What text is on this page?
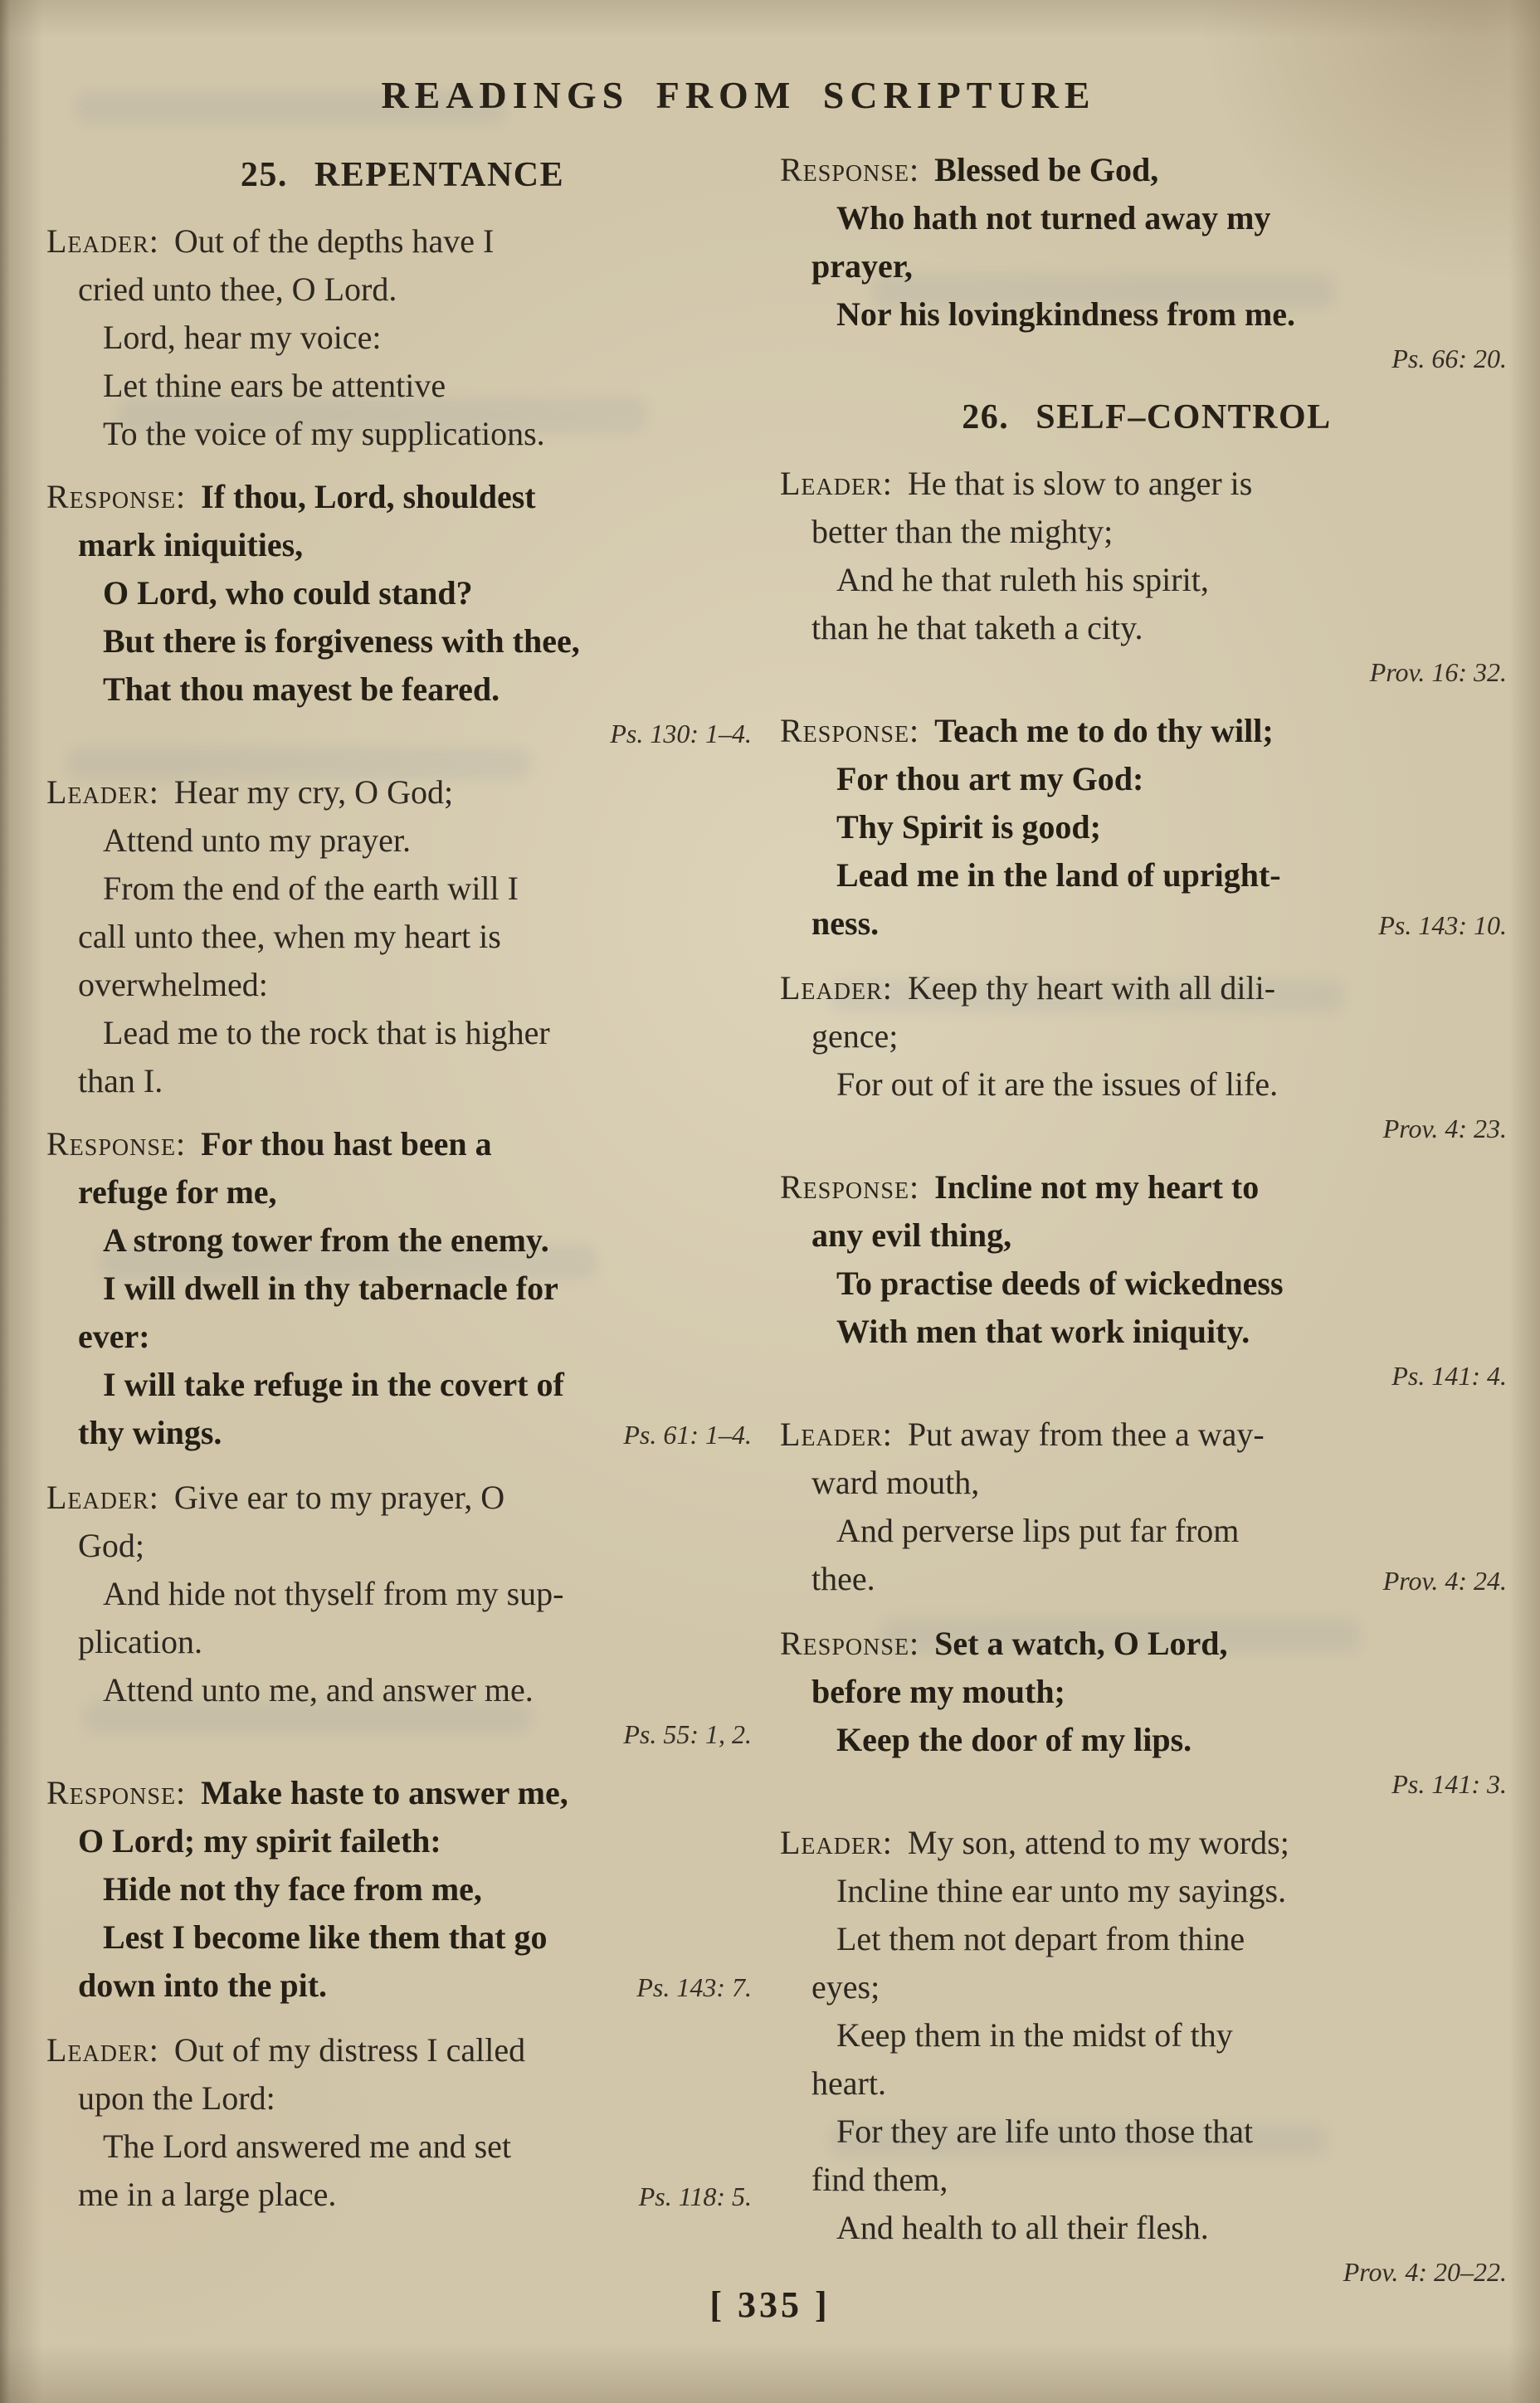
READINGS FROM SCRIPTURE
25. REPENTANCE
Leader: Out of the depths have I
cried unto thee, O Lord.
Lord, hear my voice:
Let thine ears be attentive
To the voice of my supplications.
Response: If thou, Lord, shouldest
mark iniquities,
O Lord, who could stand?
But there is forgiveness with thee,
That thou mayest be feared.
Ps. 130: 1–4.
Leader: Hear my cry, O God;
Attend unto my prayer.
From the end of the earth will I
call unto thee, when my heart is
overwhelmed:
Lead me to the rock that is higher
than I.
Response: For thou hast been a
refuge for me,
A strong tower from the enemy.
I will dwell in thy tabernacle for
ever:
I will take refuge in the covert of
thy wings.	Ps. 61: 1–4.
Leader: Give ear to my prayer, O
God;
And hide not thyself from my sup-
plication.
Attend unto me, and answer me.
Ps. 55: 1, 2.
Response: Make haste to answer me,
O Lord; my spirit faileth:
Hide not thy face from me,
Lest I become like them that go
down into the pit.	Ps. 143: 7.
Leader: Out of my distress I called
upon the Lord:
The Lord answered me and set
me in a large place.	Ps. 118: 5.
Response: Blessed be God,
Who hath not turned away my
prayer,
Nor his lovingkindness from me.
Ps. 66: 20.
26. SELF–CONTROL
Leader: He that is slow to anger is
better than the mighty;
And he that ruleth his spirit,
than he that taketh a city.
Prov. 16: 32.
Response: Teach me to do thy will;
For thou art my God:
Thy Spirit is good;
Lead me in the land of upright-
ness.	Ps. 143: 10.
Leader: Keep thy heart with all dili-
gence;
For out of it are the issues of life.
Prov. 4: 23.
Response: Incline not my heart to
any evil thing,
To practise deeds of wickedness
With men that work iniquity.
Ps. 141: 4.
Leader: Put away from thee a way-
ward mouth,
And perverse lips put far from
thee.	Prov. 4: 24.
Response: Set a watch, O Lord,
before my mouth;
Keep the door of my lips.
Ps. 141: 3.
Leader: My son, attend to my words;
Incline thine ear unto my sayings.
Let them not depart from thine
eyes;
Keep them in the midst of thy
heart.
For they are life unto those that
find them,
And health to all their flesh.
Prov. 4: 20–22.
[ 335 ]
